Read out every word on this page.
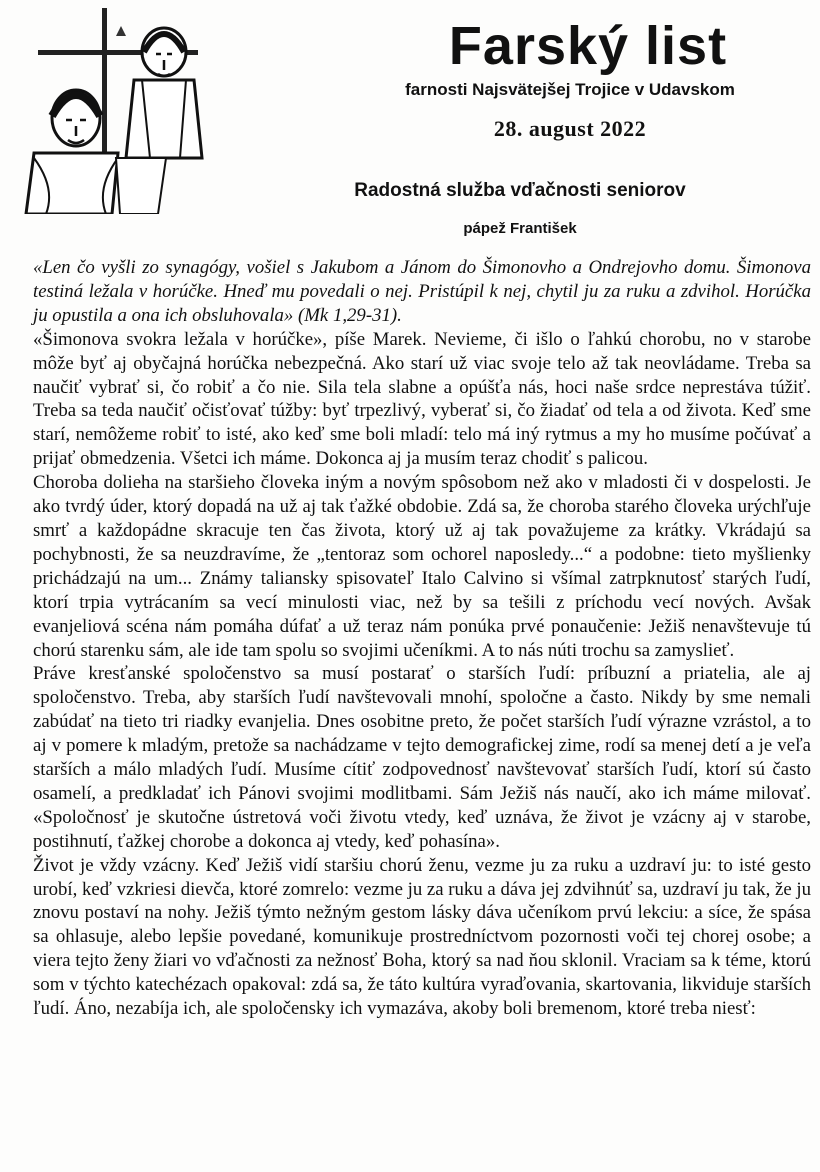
Farský list
farnosti Najsvätejšej Trojice v Udavskom
28. august 2022
Radostná služba vďačnosti seniorov
pápež František

«Len čo vyšli zo synagógy, vošiel s Jakubom a Jánom do Šimonovho a Ondrejovho domu. Šimonova testiná ležala v horúčke. Hneď mu povedali o nej. Pristúpil k nej, chytil ju za ruku a zdvihol. Horúčka ju opustila a ona ich obsluhovala» (Mk 1,29-31).

«Šimonova svokra ležala v horúčke», píše Marek. Nevieme, či išlo o ľahkú chorobu, no v starobe môže byť aj obyčajná horúčka nebezpečná. Ako starí už viac svoje telo až tak neovládame. Treba sa naučiť vybrať si, čo robiť a čo nie. Sila tela slabne a opúšťa nás, hoci naše srdce neprestáva túžiť. Treba sa teda naučiť očisťovať túžby: byť trpezlivý, vyberať si, čo žiadať od tela a od života. Keď sme starí, nemôžeme robiť to isté, ako keď sme boli mladí: telo má iný rytmus a my ho musíme počúvať a prijať obmedzenia. Všetci ich máme. Dokonca aj ja musím teraz chodiť s palicou.

Choroba dolieha na staršieho človeka iným a novým spôsobom než ako v mladosti či v dospelosti. Je ako tvrdý úder, ktorý dopadá na už aj tak ťažké obdobie. Zdá sa, že choroba starého človeka urýchľuje smrť a každopádne skracuje ten čas života, ktorý už aj tak považujeme za krátky. Vkrádajú sa pochybnosti, že sa neuzdravíme, že „tentoraz som ochorel naposledy...“ a podobne: tieto myšlienky prichádzajú na um... Známy taliansky spisovateľ Italo Calvino si všímal zatrpknutosť starých ľudí, ktorí trpia vytrácaním sa vecí minulosti viac, než by sa tešili z príchodu vecí nových. Avšak evanjeliová scéna nám pomáha dúfať a už teraz nám ponúka prvé ponaučenie: Ježiš nenavštevuje tú chorú starenku sám, ale ide tam spolu so svojimi učeníkmi. A to nás núti trochu sa zamyslieť.

Práve kresťanské spoločenstvo sa musí postarať o starších ľudí: príbuzní a priatelia, ale aj spoločenstvo. Treba, aby starších ľudí navštevovali mnohí, spoločne a často. Nikdy by sme nemali zabúdať na tieto tri riadky evanjelia. Dnes osobitne preto, že počet starších ľudí výrazne vzrástol, a to aj v pomere k mladým, pretože sa nachádzame v tejto demografickej zime, rodí sa menej detí a je veľa starších a málo mladých ľudí. Musíme cítiť zodpovednosť navštevovať starších ľudí, ktorí sú často osamelí, a predkladať ich Pánovi svojimi modlitbami. Sám Ježiš nás naučí, ako ich máme milovať. «Spoločnosť je skutočne ústretová voči životu vtedy, keď uznáva, že život je vzácny aj v starobe, postihnutí, ťažkej chorobe a dokonca aj vtedy, keď pohasína».

Život je vždy vzácny. Keď Ježiš vidí staršiu chorú ženu, vezme ju za ruku a uzdraví ju: to isté gesto urobí, keď vzkriesi dievča, ktoré zomrelo: vezme ju za ruku a dáva jej zdvihnúť sa, uzdraví ju tak, že ju znovu postaví na nohy. Ježiš týmto nežným gestom lásky dáva učeníkom prvú lekciu: a síce, že spása sa ohlasuje, alebo lepšie povedané, komunikuje prostredníctvom pozornosti voči tej chorej osobe; a viera tejto ženy žiari vo vďačnosti za nežnosť Boha, ktorý sa nad ňou sklonil. Vraciam sa k téme, ktorú som v týchto katechézach opakoval: zdá sa, že táto kultúra vyraďovania, skartovania, likviduje starších ľudí. Áno, nezabíja ich, ale spoločensky ich vymazáva, akoby boli bremenom, ktoré treba niesť:
